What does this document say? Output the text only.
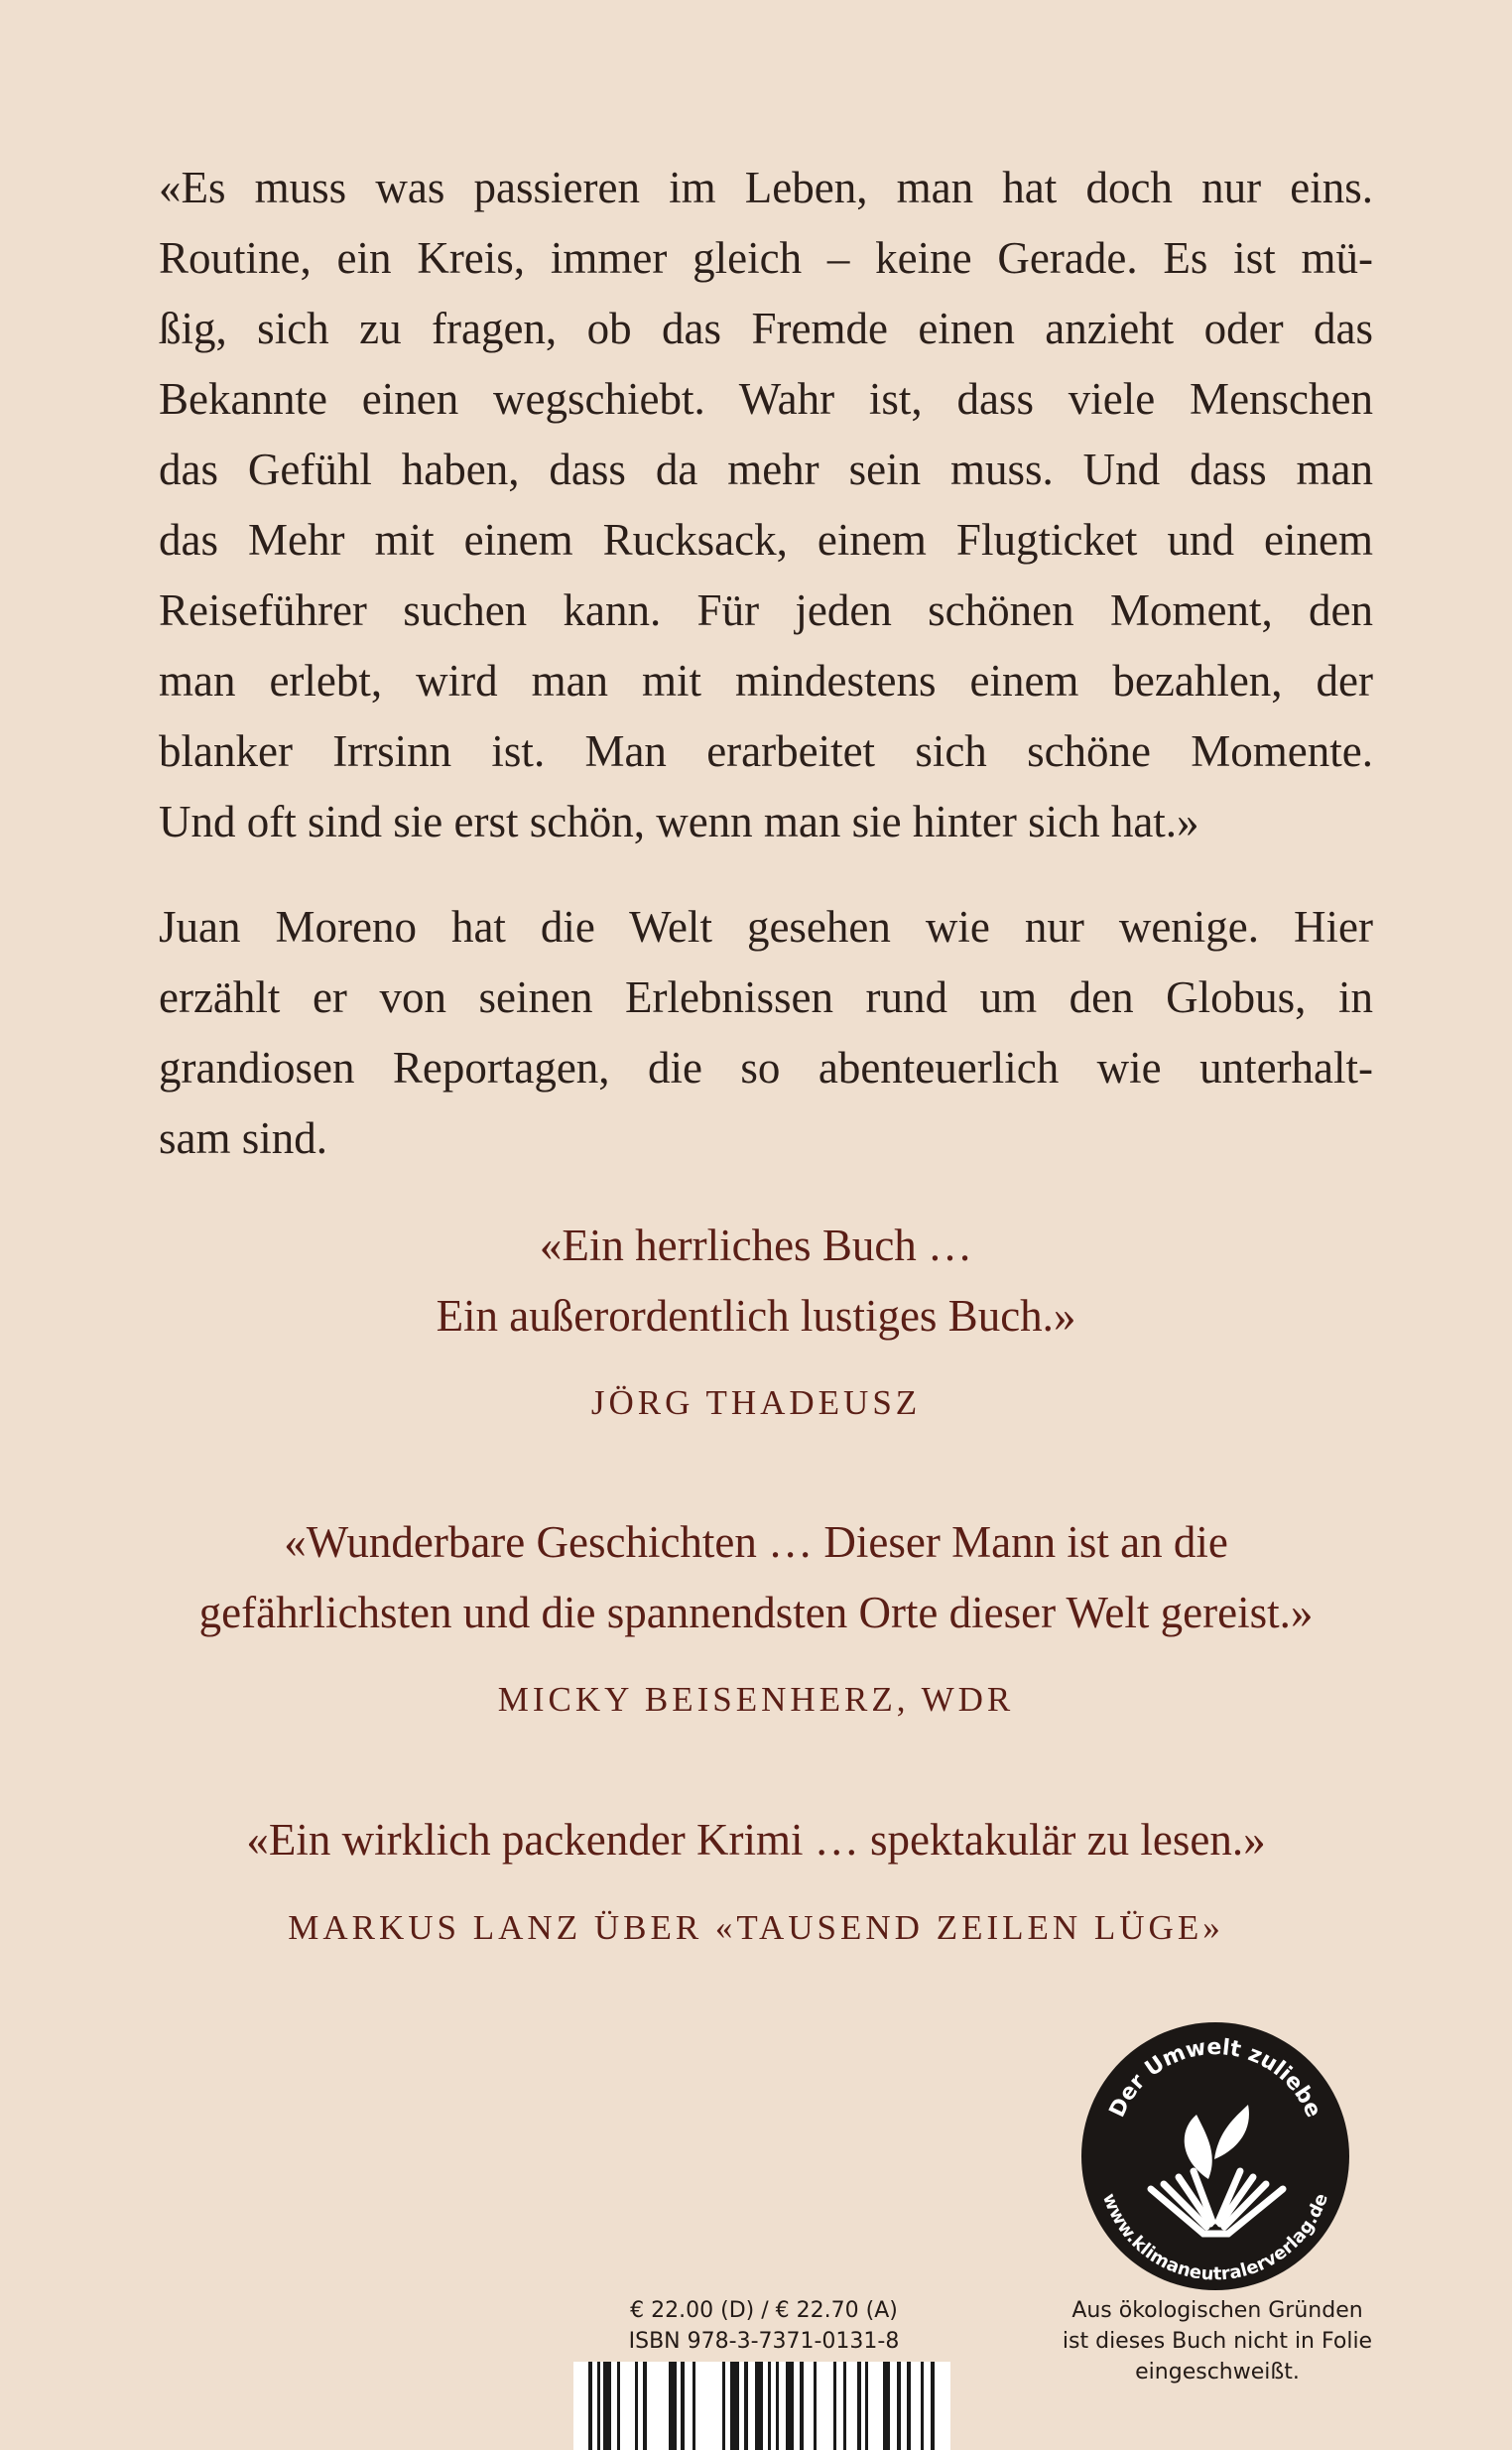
«Es muss was passieren im Leben, man hat doch nur eins.
Routine, ein Kreis, immer gleich – keine Gerade. Es ist mü-
ßig, sich zu fragen, ob das Fremde einen anzieht oder das
Bekannte einen wegschiebt. Wahr ist, dass viele Menschen
das Gefühl haben, dass da mehr sein muss. Und dass man
das Mehr mit einem Rucksack, einem Flugticket und einem
Reiseführer suchen kann. Für jeden schönen Moment, den
man erlebt, wird man mit mindestens einem bezahlen, der
blanker Irrsinn ist. Man erarbeitet sich schöne Momente.
Und oft sind sie erst schön, wenn man sie hinter sich hat.»
Juan Moreno hat die Welt gesehen wie nur wenige. Hier
erzählt er von seinen Erlebnissen rund um den Globus, in
grandiosen Reportagen, die so abenteuerlich wie unterhalt-
sam sind.
«Ein herrliches Buch …
Ein außerordentlich lustiges Buch.»
JÖRG THADEUSZ
«Wunderbare Geschichten … Dieser Mann ist an die
gefährlichsten und die spannendsten Orte dieser Welt gereist.»
MICKY BEISENHERZ, WDR
«Ein wirklich packender Krimi … spektakulär zu lesen.»
MARKUS LANZ ÜBER «TAUSEND ZEILEN LÜGE»
Der Umwelt zuliebe
www.klimaneutralerverlag.de
Aus ökologischen Gründen
ist dieses Buch nicht in Folie
eingeschweißt.
€ 22.00 (D) / € 22.70 (A)
ISBN 978-3-7371-0131-8
